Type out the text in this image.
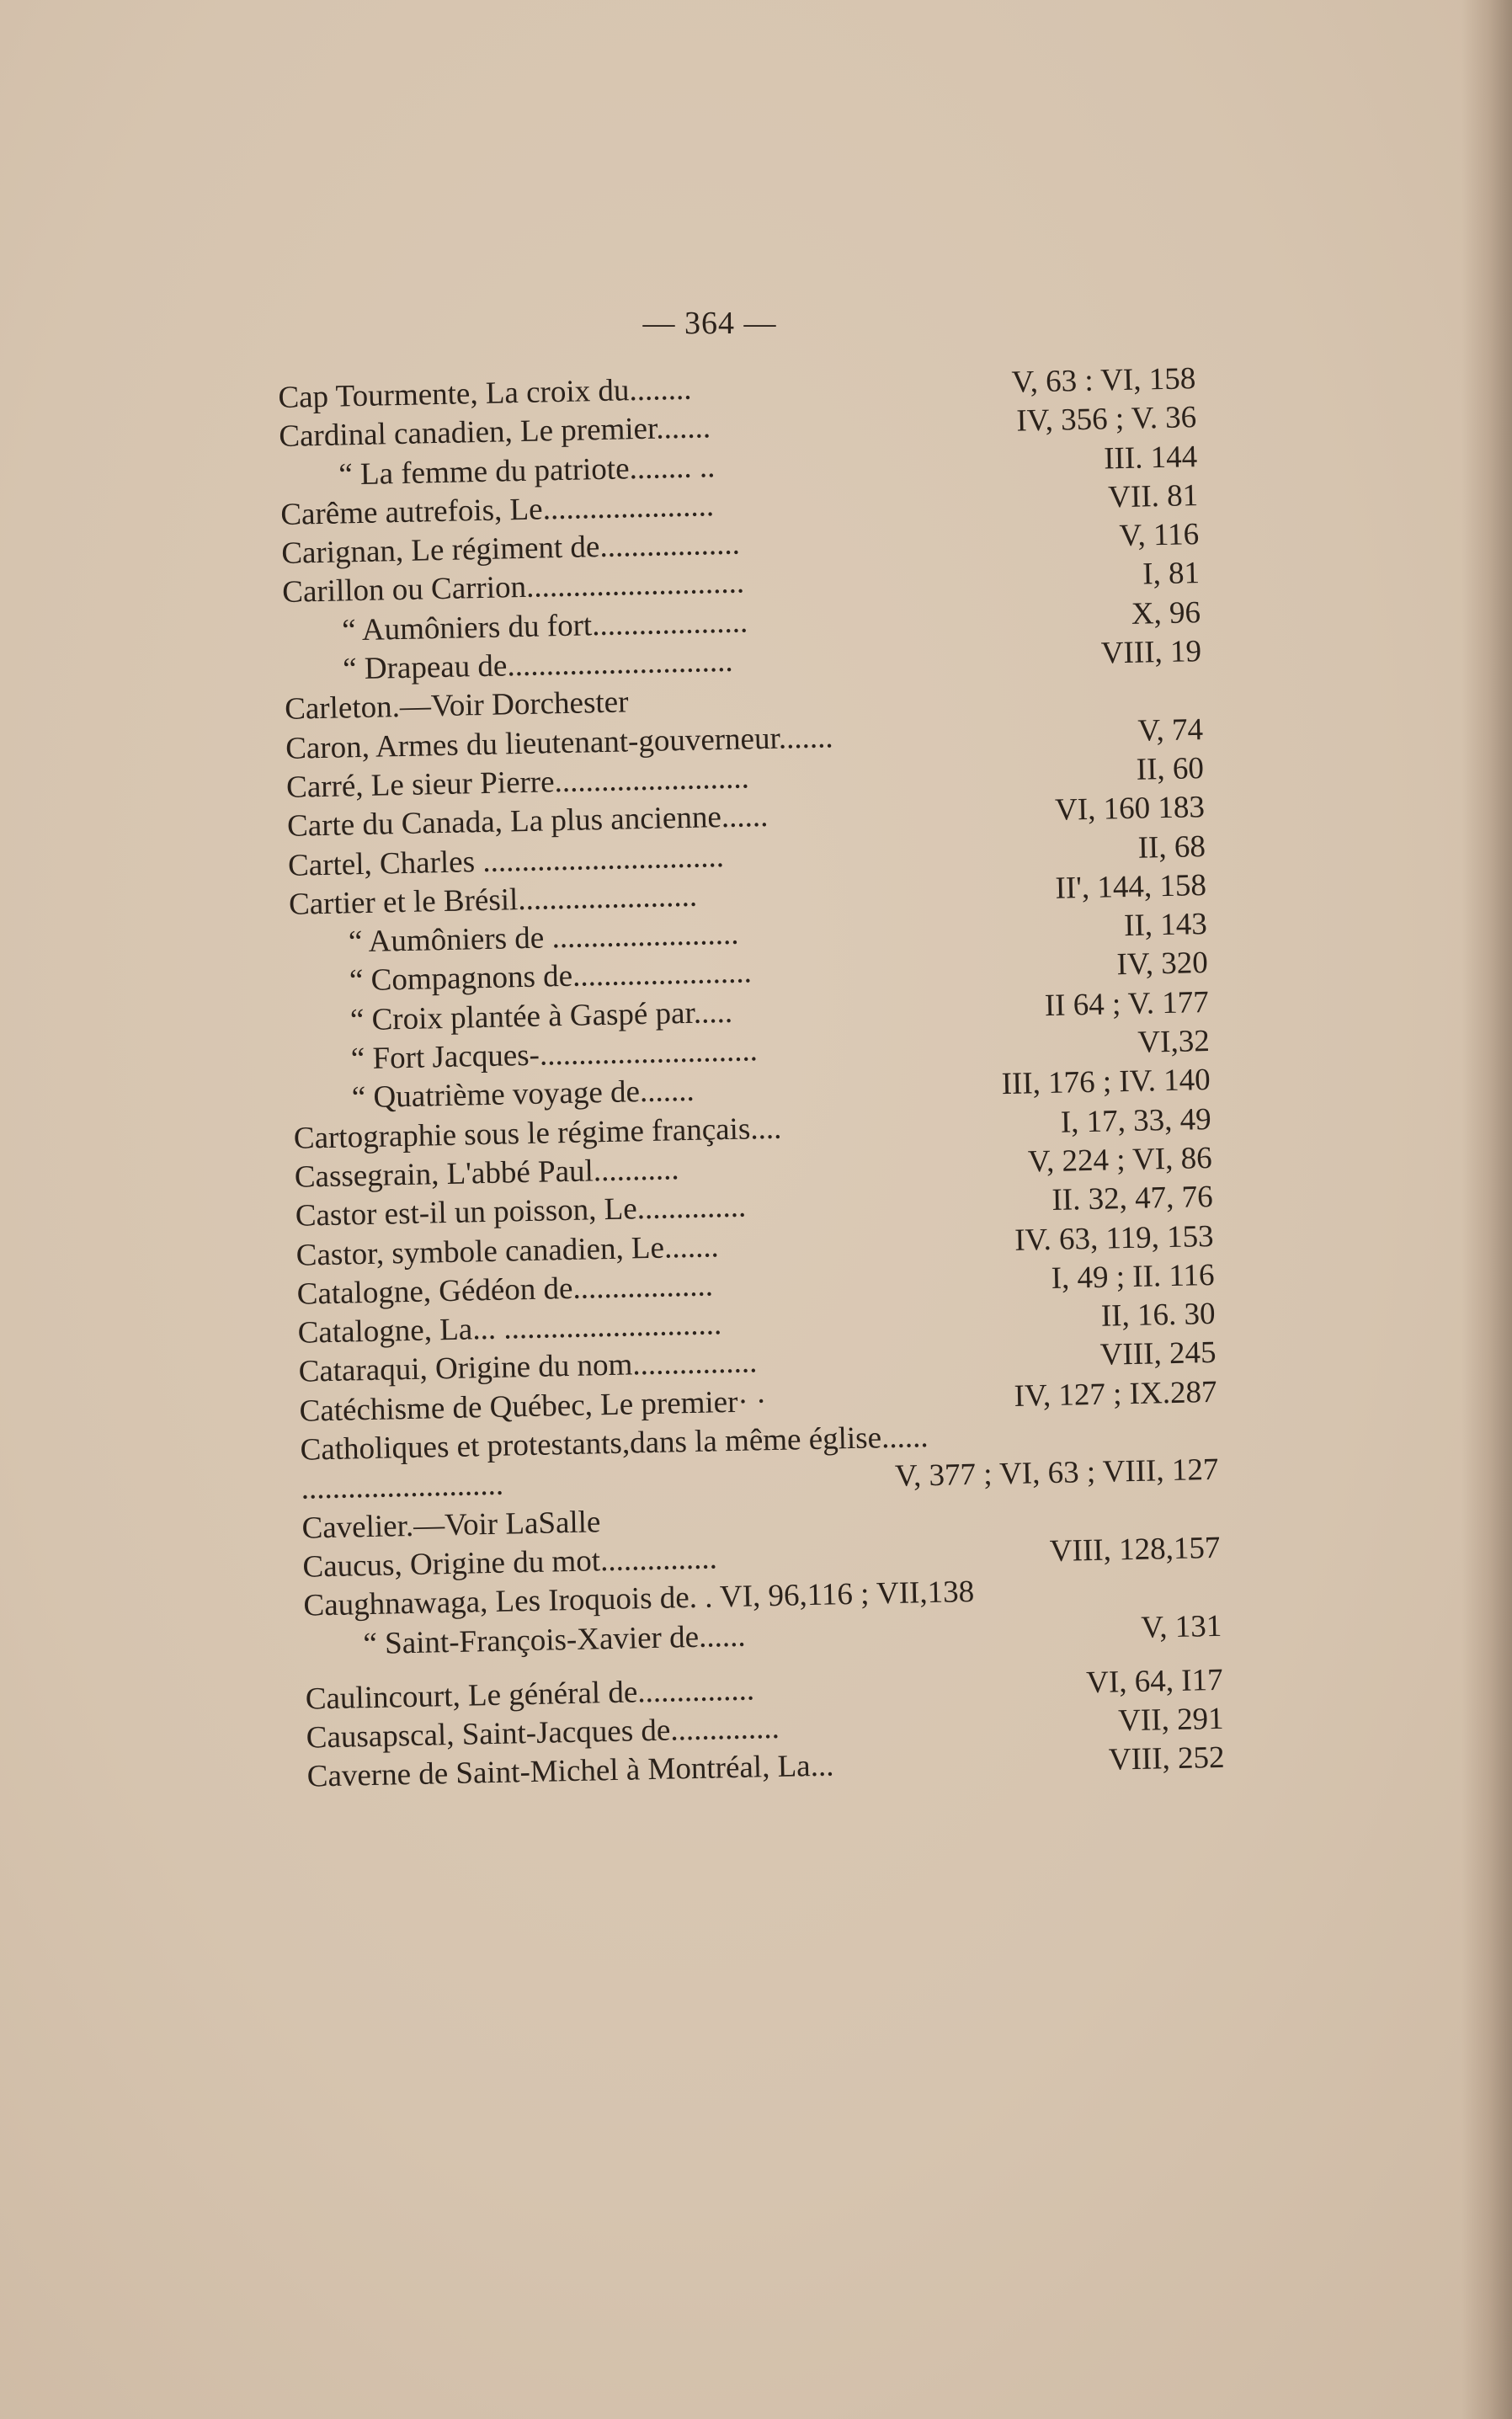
— 364 —
Cap Tourmente, La croix du........	V, 63 : VI, 158
Cardinal canadien, Le premier.......	IV, 356 ; V. 36
“ La femme du patriote........ ..	III. 144
Carême autrefois, Le......................	VII. 81
Carignan, Le régiment de..................	V, 116
Carillon ou Carrion............................	I, 81
“ Aumôniers du fort....................	X, 96
“ Drapeau de.............................	VIII, 19
Carleton.—Voir Dorchester
Caron, Armes du lieutenant-gouverneur.......	V, 74
Carré, Le sieur Pierre.........................	II, 60
Carte du Canada, La plus ancienne......	VI, 160 183
Cartel, Charles ...............................	II, 68
Cartier et le Brésil.......................	II', 144, 158
“ Aumôniers de ........................	II, 143
“ Compagnons de.......................	IV, 320
“ Croix plantée à Gaspé par.....	II 64 ; V. 177
“ Fort Jacques-............................	VI,32
“ Quatrième voyage de.......	III, 176 ; IV. 140
Cartographie sous le régime français....	I, 17, 33, 49
Cassegrain, L'abbé Paul...........	V, 224 ; VI, 86
Castor est-il un poisson, Le..............	II. 32, 47, 76
Castor, symbole canadien, Le.......	IV. 63, 119, 153
Catalogne, Gédéon de..................	I, 49 ; II. 116
Catalogne, La... ............................	II, 16. 30
Cataraqui, Origine du nom................	VIII, 245
Catéchisme de Québec, Le premier· ·	IV, 127 ; IX.287
Catholiques et protestants,dans la même église......
..........................	V, 377 ; VI, 63 ; VIII, 127
Cavelier.—Voir LaSalle
Caucus, Origine du mot...............	VIII, 128,157
Caughnawaga, Les Iroquois de. . VI, 96,116 ; VII,138
“ Saint-François-Xavier de......	V, 131
Caulincourt, Le général de...............	VI, 64, I17
Causapscal, Saint-Jacques de..............	VII, 291
Caverne de Saint-Michel à Montréal, La...	VIII, 252
